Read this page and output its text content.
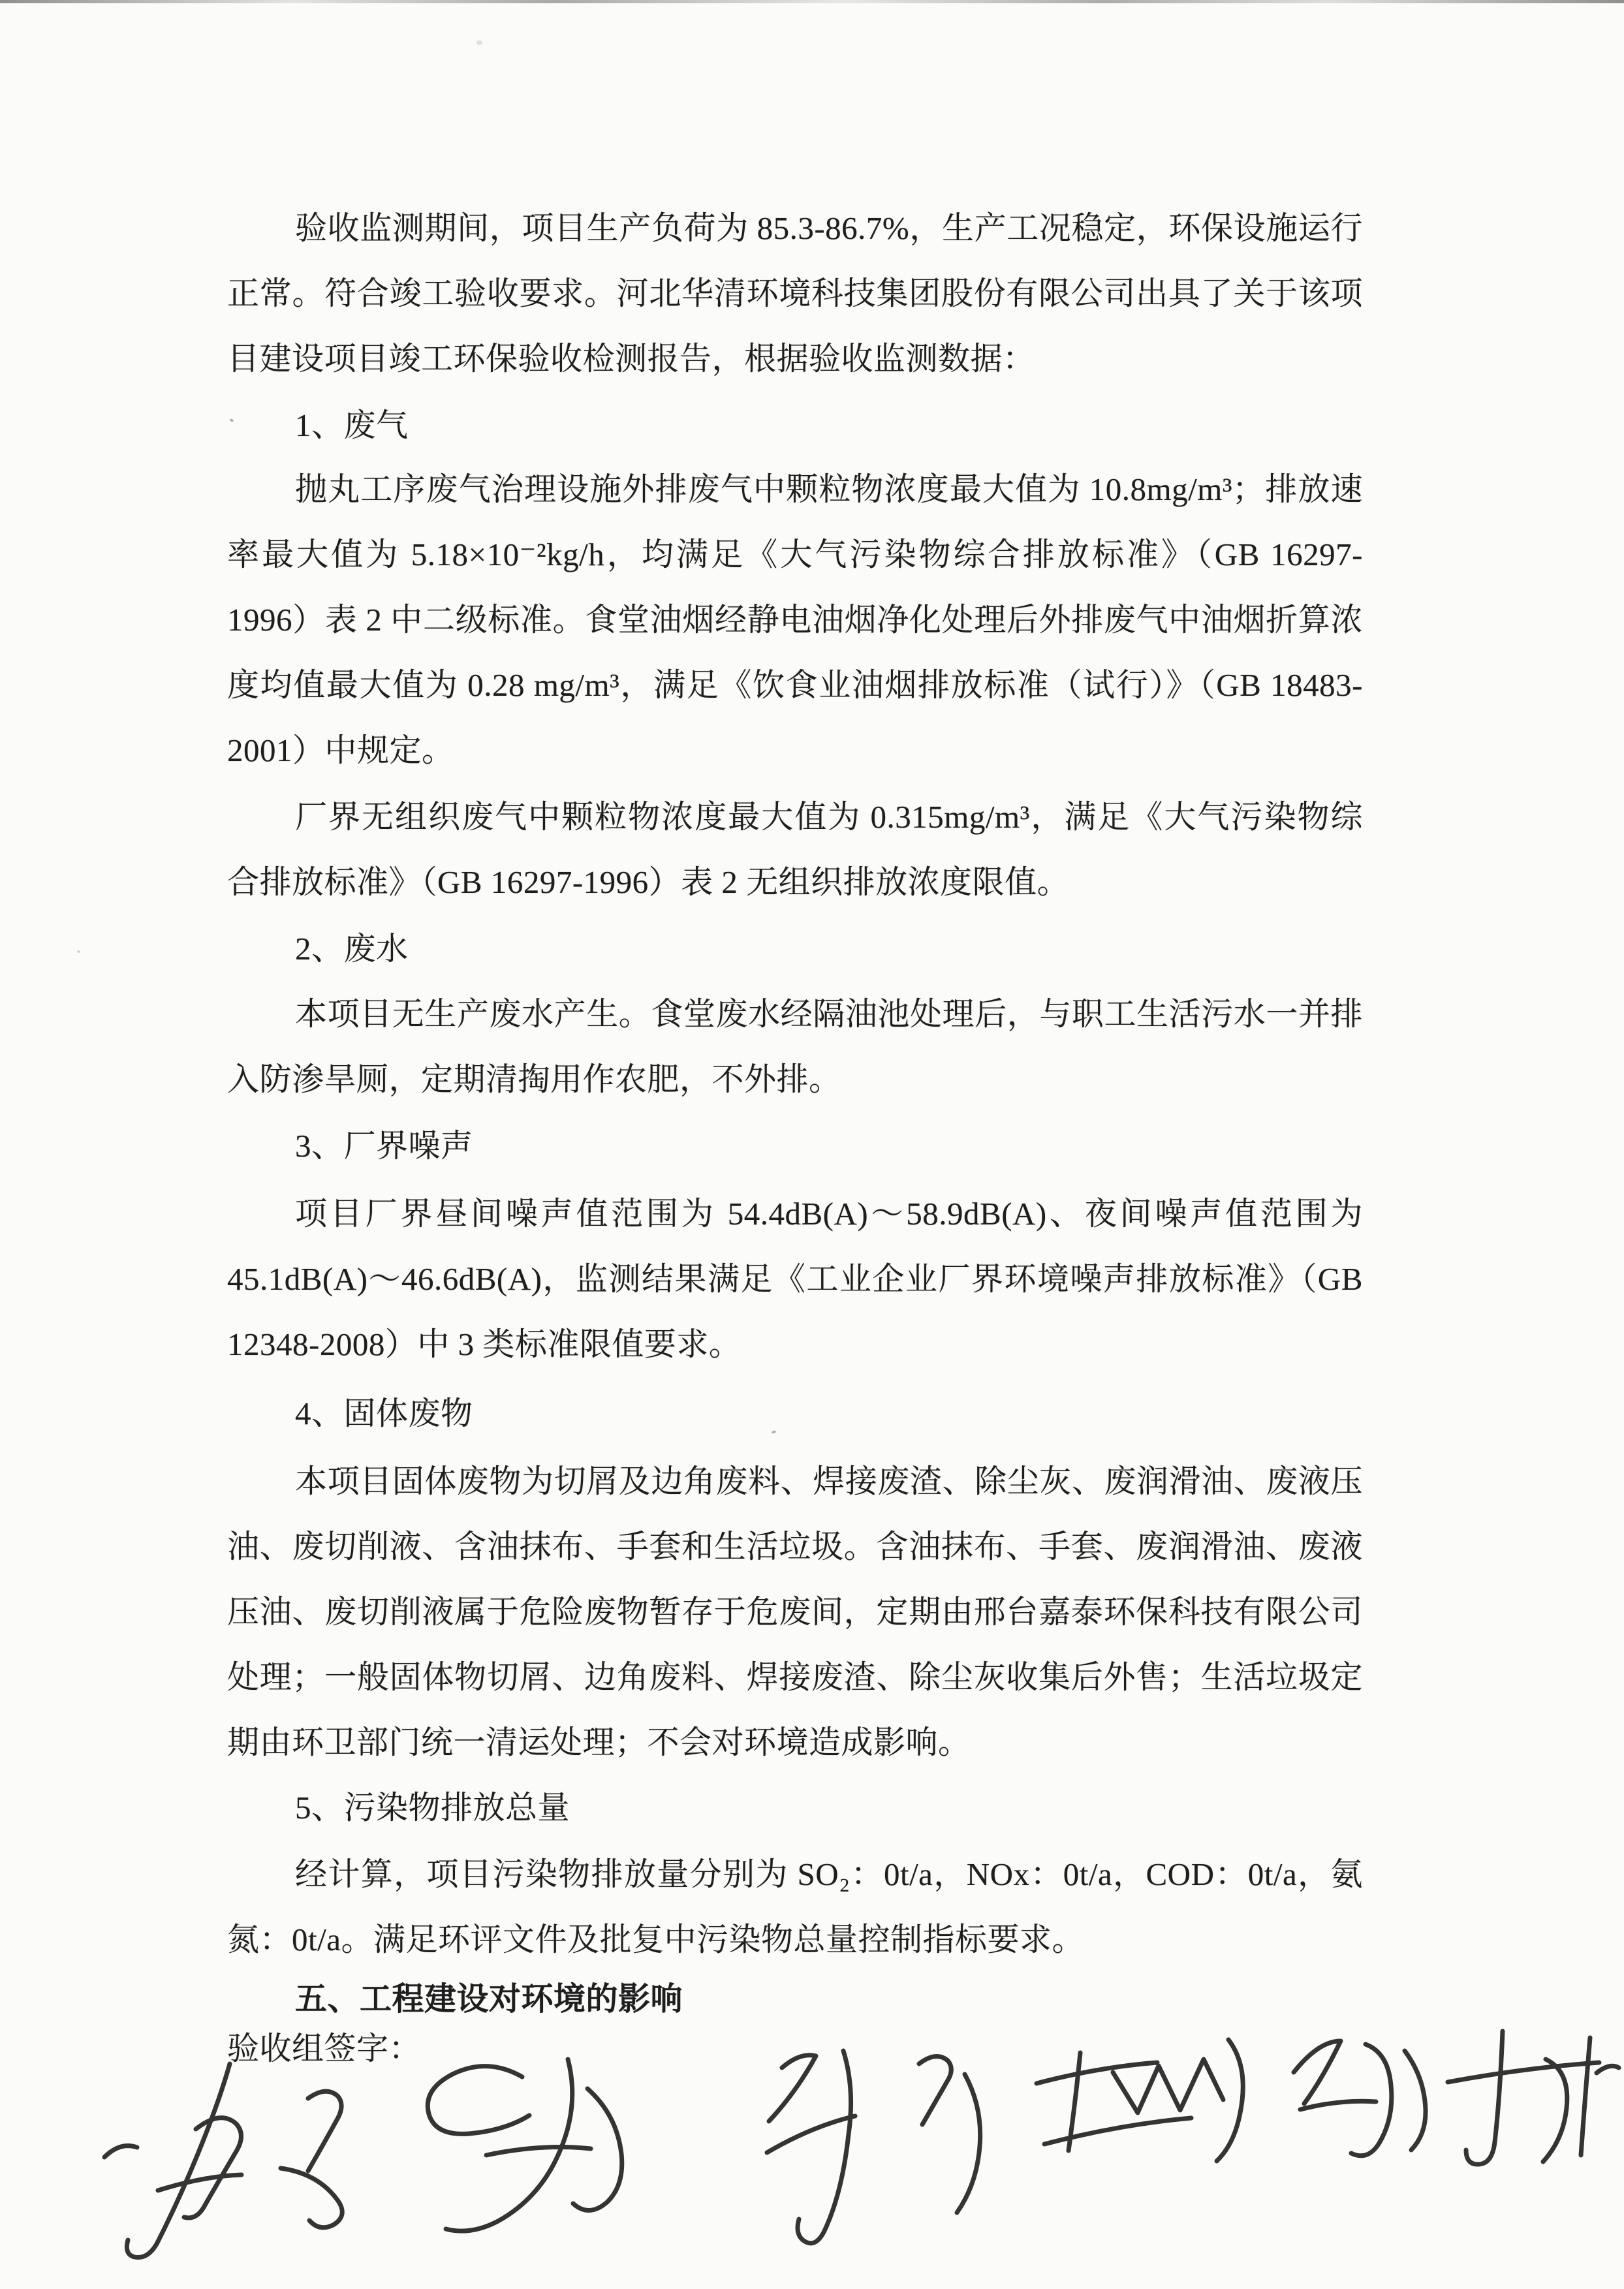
验收监测期间，项目生产负荷为 85.3-86.7%，生产工况稳定，环保设施运行正常。符合竣工验收要求。河北华清环境科技集团股份有限公司出具了关于该项目建设项目竣工环保验收检测报告，根据验收监测数据：

1、废气

抛丸工序废气治理设施外排废气中颗粒物浓度最大值为 10.8mg/m³；排放速率最大值为 5.18×10⁻²kg/h，均满足《大气污染物综合排放标准》（GB 16297-1996）表 2 中二级标准。食堂油烟经静电油烟净化处理后外排废气中油烟折算浓度均值最大值为 0.28 mg/m³，满足《饮食业油烟排放标准（试行）》（GB 18483-2001）中规定。

厂界无组织废气中颗粒物浓度最大值为 0.315mg/m³，满足《大气污染物综合排放标准》（GB 16297-1996）表 2 无组织排放浓度限值。

2、废水

本项目无生产废水产生。食堂废水经隔油池处理后，与职工生活污水一并排入防渗旱厕，定期清掏用作农肥，不外排。

3、厂界噪声

项目厂界昼间噪声值范围为 54.4dB(A)～58.9dB(A)、夜间噪声值范围为 45.1dB(A)～46.6dB(A)，监测结果满足《工业企业厂界环境噪声排放标准》（GB 12348-2008）中 3 类标准限值要求。

4、固体废物

本项目固体废物为切屑及边角废料、焊接废渣、除尘灰、废润滑油、废液压油、废切削液、含油抹布、手套和生活垃圾。含油抹布、手套、废润滑油、废液压油、废切削液属于危险废物暂存于危废间，定期由邢台嘉泰环保科技有限公司处理；一般固体物切屑、边角废料、焊接废渣、除尘灰收集后外售；生活垃圾定期由环卫部门统一清运处理；不会对环境造成影响。

5、污染物排放总量

经计算，项目污染物排放量分别为 SO₂：0t/a，NOx：0t/a，COD：0t/a，氨氮：0t/a。满足环评文件及批复中污染物总量控制指标要求。

五、工程建设对环境的影响

验收组签字：
